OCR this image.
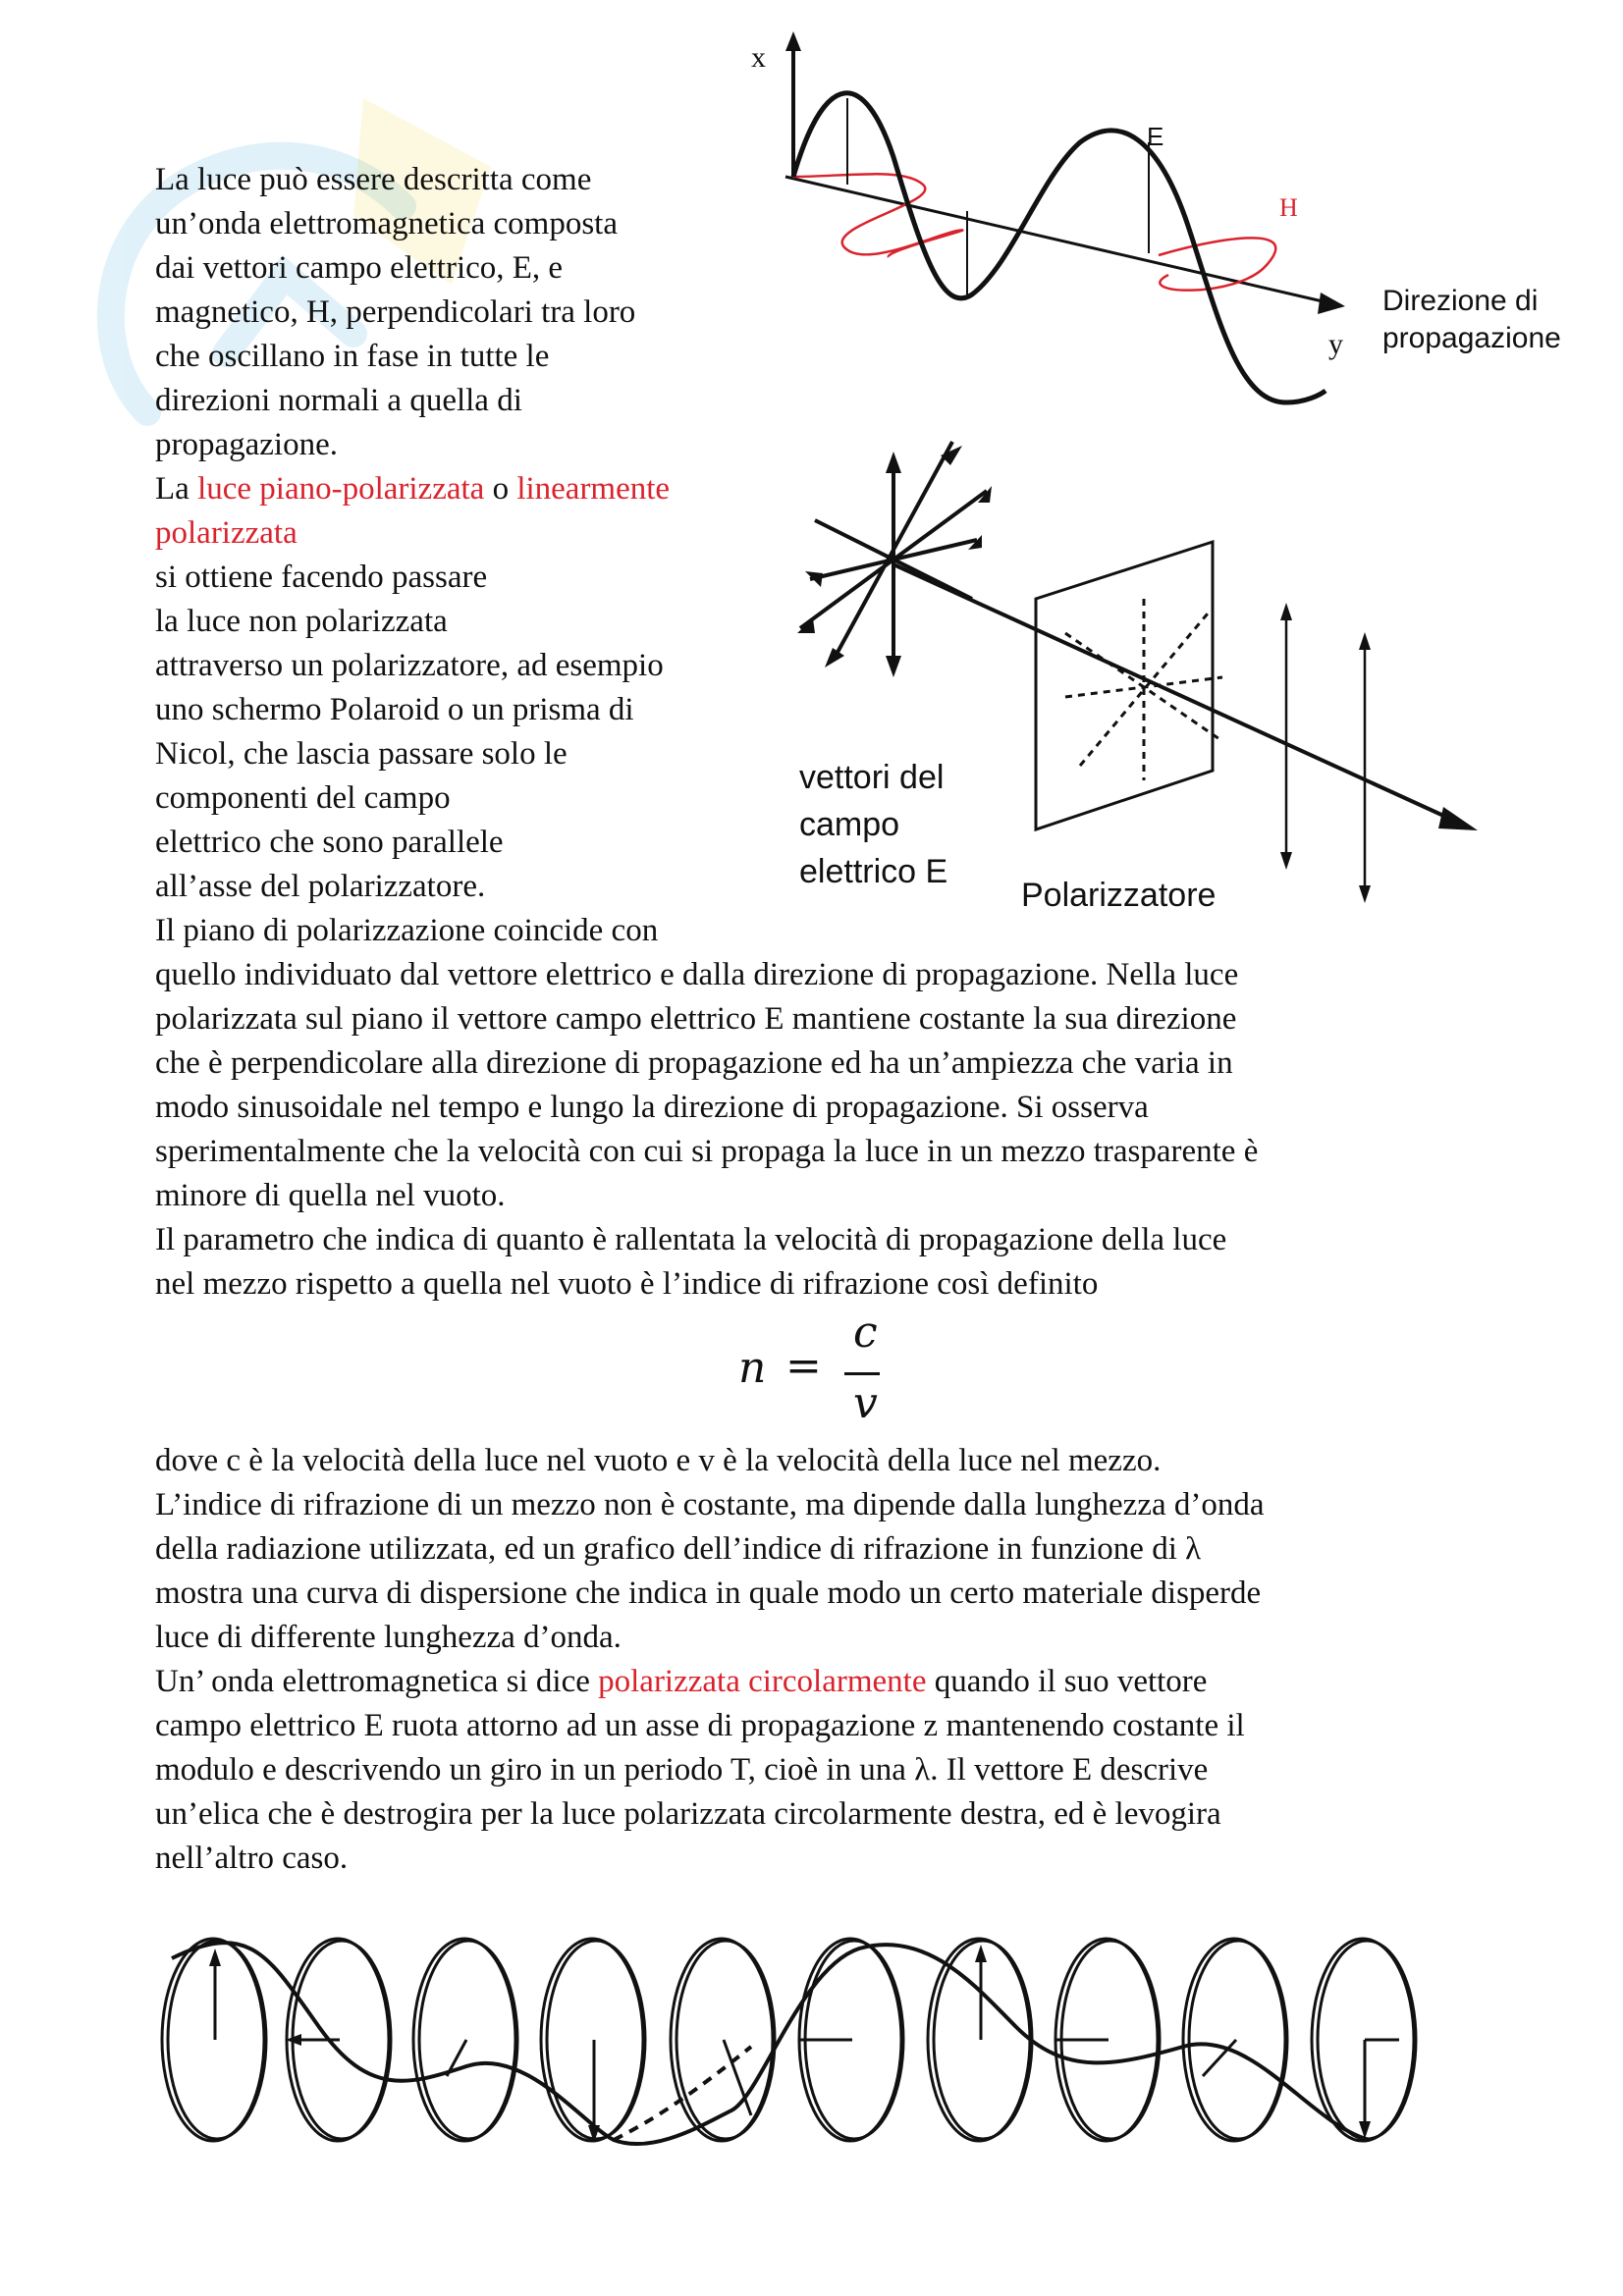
x
y
H
E
Direzione di
propagazione
vettori del
campo
elettrico E
Polarizzatore
La luce può essere descritta come
un’onda elettromagnetica composta
dai vettori campo elettrico, E, e
magnetico, H, perpendicolari tra loro
che oscillano in fase in tutte le
direzioni normali a quella di
propagazione.
La luce piano-polarizzata o linearmente
polarizzata
si ottiene facendo passare
la luce non polarizzata
attraverso un polarizzatore, ad esempio
uno schermo Polaroid o un prisma di
Nicol, che lascia passare solo le
componenti del campo
elettrico che sono parallele
all’asse del polarizzatore.
Il piano di polarizzazione coincide con
quello individuato dal vettore elettrico e dalla direzione di propagazione. Nella luce
polarizzata sul piano il vettore campo elettrico E mantiene costante la sua direzione
che è perpendicolare alla direzione di propagazione ed ha un’ampiezza che varia in
modo sinusoidale nel tempo e lungo la direzione di propagazione. Si osserva
sperimentalmente che la velocità con cui si propaga la luce in un mezzo trasparente è
minore di quella nel vuoto.
Il parametro che indica di quanto è rallentata la velocità di propagazione della luce
nel mezzo rispetto a quella nel vuoto è l’indice di rifrazione così definito
n =
c
v
dove c è la velocità della luce nel vuoto e v è la velocità della luce nel mezzo.
L’indice di rifrazione di un mezzo non è costante, ma dipende dalla lunghezza d’onda
della radiazione utilizzata, ed un grafico dell’indice di rifrazione in funzione di λ
mostra una curva di dispersione che indica in quale modo un certo materiale disperde
luce di differente lunghezza d’onda.
Un’ onda elettromagnetica si dice polarizzata circolarmente quando il suo vettore
campo elettrico E ruota attorno ad un asse di propagazione z mantenendo costante il
modulo e descrivendo un giro in un periodo T, cioè in una λ. Il vettore E descrive
un’elica che è destrogira per la luce polarizzata circolarmente destra, ed è levogira
nell’altro caso.
